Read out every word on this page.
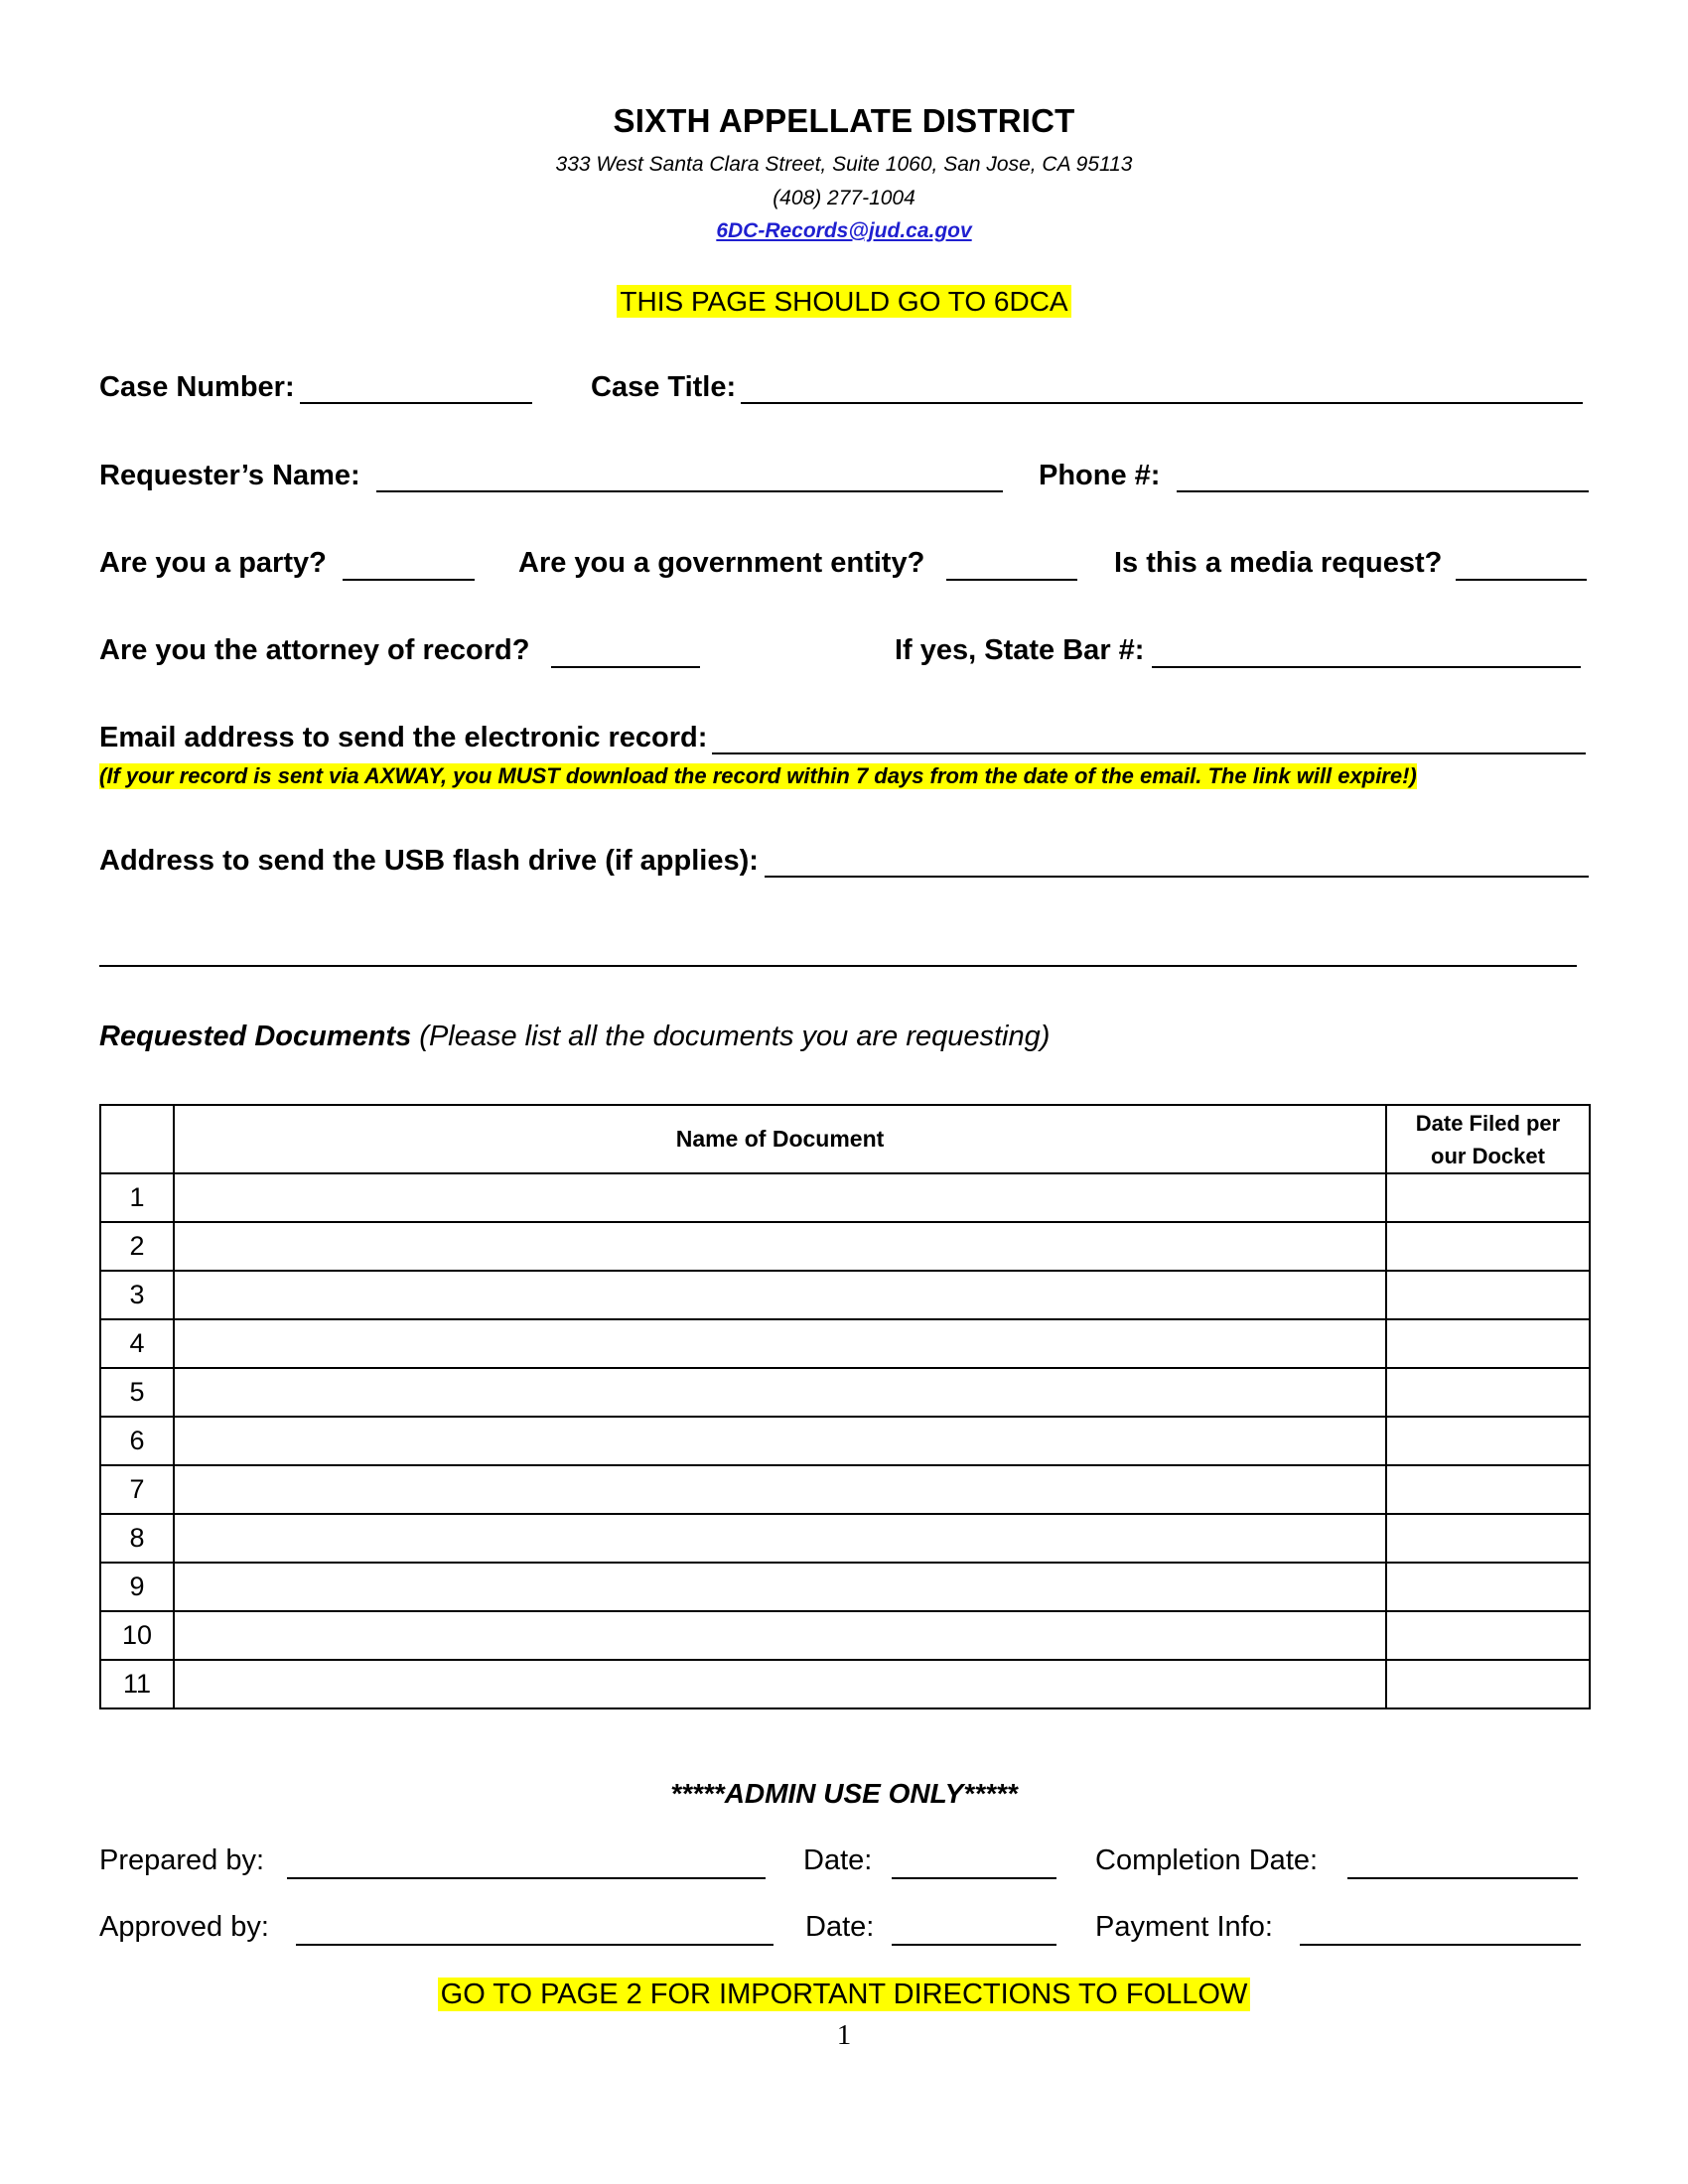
SIXTH APPELLATE DISTRICT
333 West Santa Clara Street, Suite 1060, San Jose, CA 95113
(408) 277-1004
6DC-Records@jud.ca.gov
THIS PAGE SHOULD GO TO 6DCA
Case Number:	Case Title:
Requester’s Name:	Phone #:
Are you a party?	Are you a government entity?	Is this a media request?
Are you the attorney of record?	If yes, State Bar #:
Email address to send the electronic record:
(If your record is sent via AXWAY, you MUST download the record within 7 days from the date of the email. The link will expire!)
Address to send the USB flash drive (if applies):
Requested Documents (Please list all the documents you are requesting)
	Name of Document	Date Filed per
our Docket
1		
2		
3		
4		
5		
6		
7		
8		
9		
10		
11		
*****ADMIN USE ONLY*****
Prepared by:	Date:	Completion Date:
Approved by:	Date:	Payment Info:
GO TO PAGE 2 FOR IMPORTANT DIRECTIONS TO FOLLOW
1
